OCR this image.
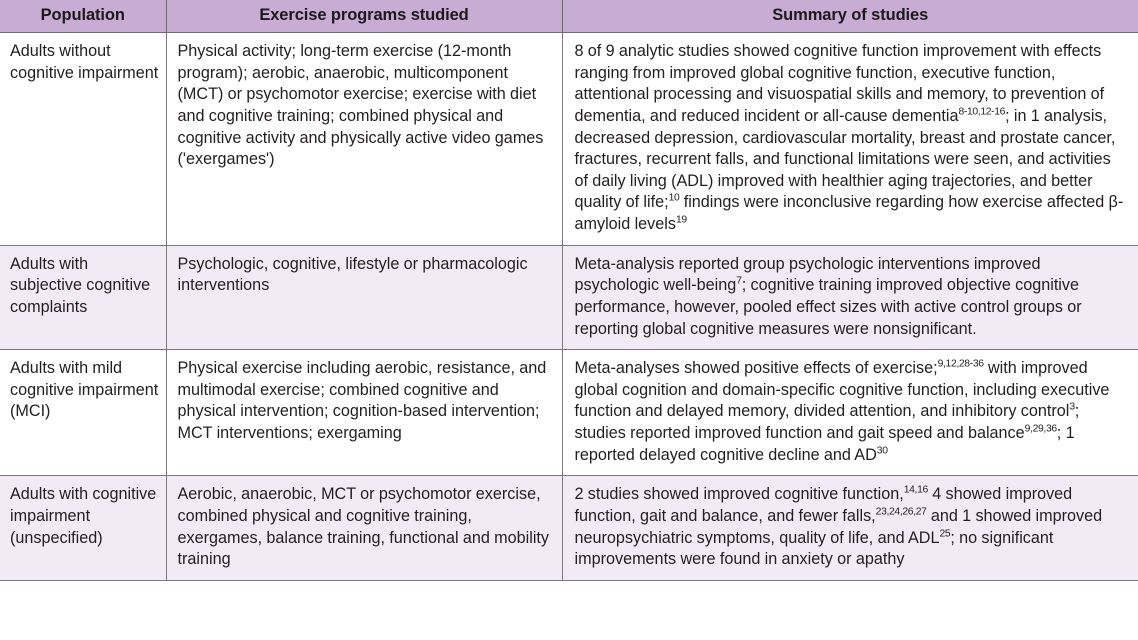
Population	Exercise programs studied	Summary of studies
Adults without cognitive impairment	Physical activity; long-term exercise (12-month program); aerobic, anaerobic, multicomponent (MCT) or psychomotor exercise; exercise with diet and cognitive training; combined physical and cognitive activity and physically active video games ('exergames')	8 of 9 analytic studies showed cognitive function improvement with effects ranging from improved global cognitive function, executive function, attentional processing and visuospatial skills and memory, to prevention of dementia, and reduced incident or all-cause dementia$^{8-10,12-16}$; in 1 analysis, decreased depression, cardiovascular mortality, breast and prostate cancer, fractures, recurrent falls, and functional limitations were seen, and activities of daily living (ADL) improved with healthier aging trajectories, and better quality of life;$^{10}$ findings were inconclusive regarding how exercise affected β-amyloid levels$^{19}$
Adults with subjective cognitive complaints	Psychologic, cognitive, lifestyle or pharmacologic interventions	Meta-analysis reported group psychologic interventions improved psychologic well-being$^7$; cognitive training improved objective cognitive performance, however, pooled effect sizes with active control groups or reporting global cognitive measures were nonsignificant.
Adults with mild cognitive impairment (MCI)	Physical exercise including aerobic, resistance, and multimodal exercise; combined cognitive and physical intervention; cognition-based intervention; MCT interventions; exergaming	Meta-analyses showed positive effects of exercise;$^{9,12,28-36}$ with improved global cognition and domain-specific cognitive function, including executive function and delayed memory, divided attention, and inhibitory control$^3$; studies reported improved function and gait speed and balance$^{9,29,36}$; 1 reported delayed cognitive decline and AD$^{30}$
Adults with cognitive impairment (unspecified)	Aerobic, anaerobic, MCT or psychomotor exercise, combined physical and cognitive training, exergames, balance training, functional and mobility training	2 studies showed improved cognitive function,$^{14,16}$ 4 showed improved function, gait and balance, and fewer falls,$^{23,24,26,27}$ and 1 showed improved neuropsychiatric symptoms, quality of life, and ADL$^{25}$; no significant improvements were found in anxiety or apathy
